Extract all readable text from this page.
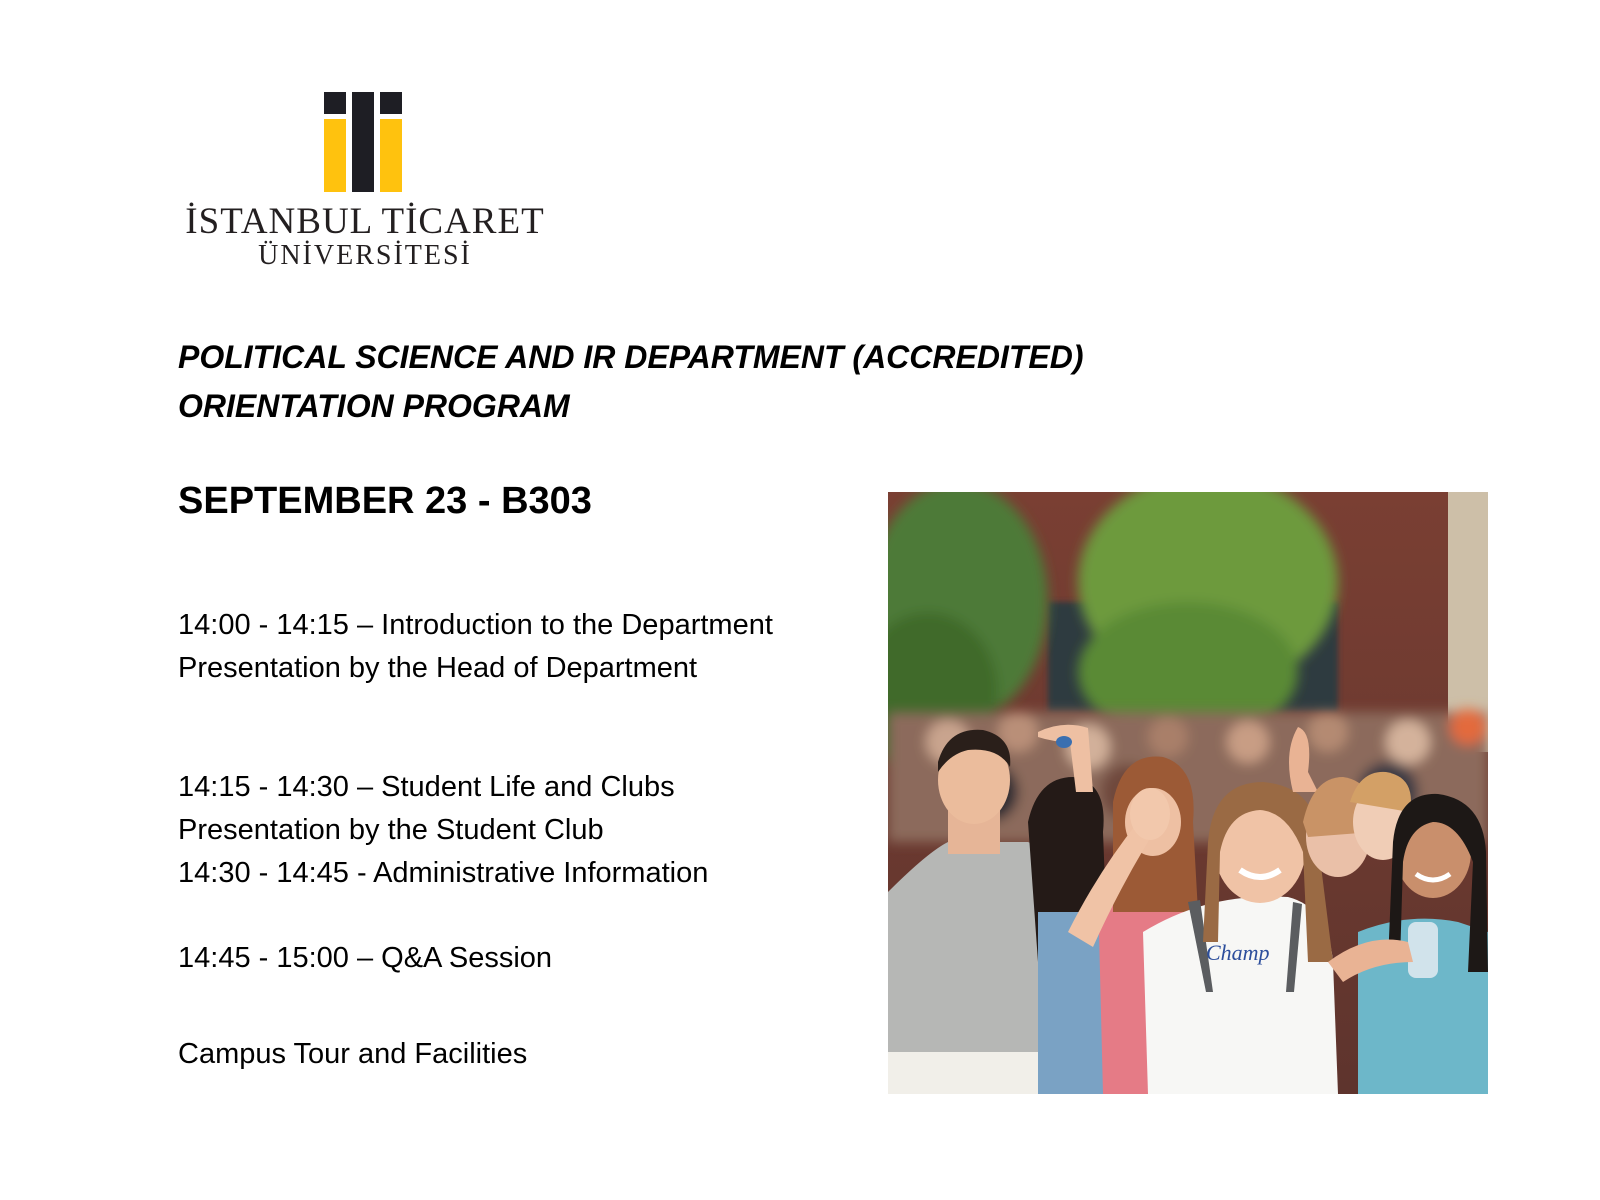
İSTANBUL TİCARET
ÜNİVERSİTESİ
POLITICAL SCIENCE AND IR DEPARTMENT (ACCREDITED)
ORIENTATION PROGRAM
SEPTEMBER 23 - B303
14:00 - 14:15 – Introduction to the Department Presentation by the Head of Department
14:15 - 14:30 – Student Life and Clubs Presentation by the Student Club
14:30 - 14:45 - Administrative Information
14:45 - 15:00 – Q&A Session
Campus Tour and Facilities
Champ
